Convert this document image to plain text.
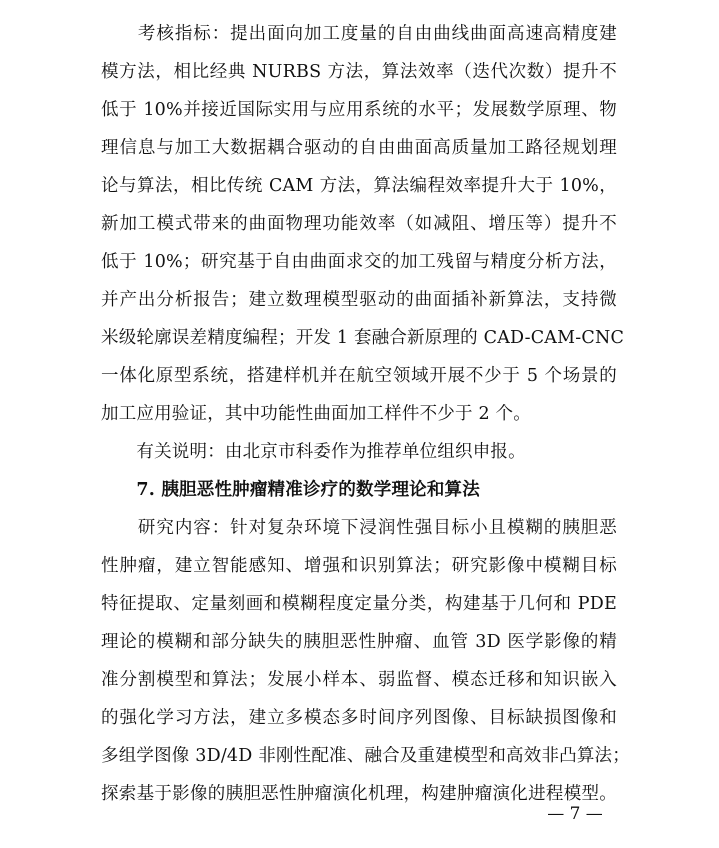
　　考核指标：提出面向加工度量的自由曲线曲面高速高精度建
模方法，相比经典 NURBS 方法，算法效率（迭代次数）提升不
低于 10%并接近国际实用与应用系统的水平；发展数学原理、物
理信息与加工大数据耦合驱动的自由曲面高质量加工路径规划理
论与算法，相比传统 CAM 方法，算法编程效率提升大于 10%，
新加工模式带来的曲面物理功能效率（如减阻、增压等）提升不
低于 10%；研究基于自由曲面求交的加工残留与精度分析方法，
并产出分析报告；建立数理模型驱动的曲面插补新算法，支持微
米级轮廓误差精度编程；开发 1 套融合新原理的 CAD-CAM-CNC
一体化原型系统，搭建样机并在航空领域开展不少于 5 个场景的
加工应用验证，其中功能性曲面加工样件不少于 2 个。
　　有关说明：由北京市科委作为推荐单位组织申报。
　　7. 胰胆恶性肿瘤精准诊疗的数学理论和算法
　　研究内容：针对复杂环境下浸润性强目标小且模糊的胰胆恶
性肿瘤，建立智能感知、增强和识别算法；研究影像中模糊目标
特征提取、定量刻画和模糊程度定量分类，构建基于几何和 PDE
理论的模糊和部分缺失的胰胆恶性肿瘤、血管 3D 医学影像的精
准分割模型和算法；发展小样本、弱监督、模态迁移和知识嵌入
的强化学习方法，建立多模态多时间序列图像、目标缺损图像和
多组学图像 3D/4D 非刚性配准、融合及重建模型和高效非凸算法；
探索基于影像的胰胆恶性肿瘤演化机理，构建肿瘤演化进程模型。
— 7 —
